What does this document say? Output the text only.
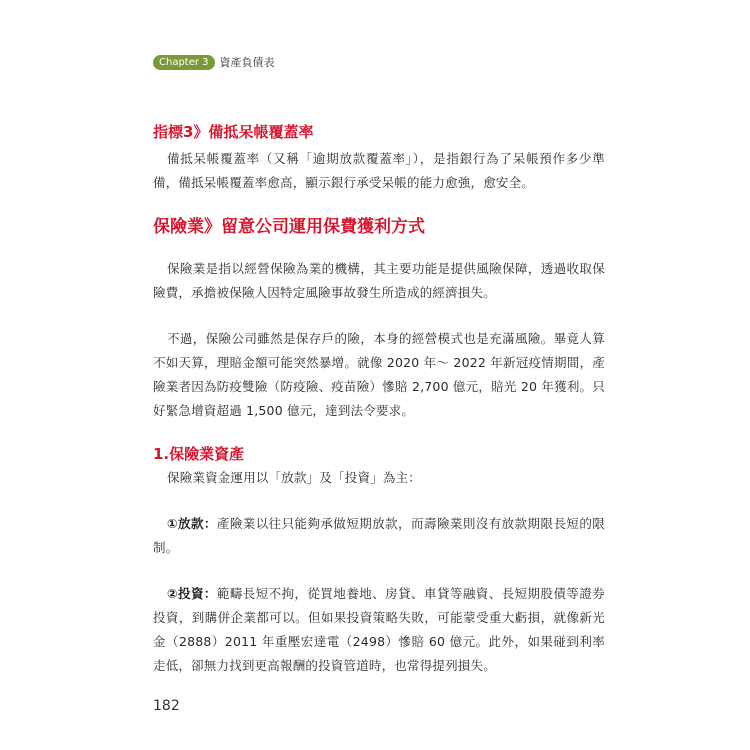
Chapter 3	資產負債表
指標3》備抵呆帳覆蓋率

備抵呆帳覆蓋率（又稱「逾期放款覆蓋率」），是指銀行為了呆帳預作多少準備，備抵呆帳覆蓋率愈高，顯示銀行承受呆帳的能力愈強，愈安全。

保險業》留意公司運用保費獲利方式

保險業是指以經營保險為業的機構，其主要功能是提供風險保障，透過收取保險費，承擔被保險人因特定風險事故發生所造成的經濟損失。

不過，保險公司雖然是保存戶的險，本身的經營模式也是充滿風險。畢竟人算不如天算，理賠金額可能突然暴增。就像 2020 年～ 2022 年新冠疫情期間，產險業者因為防疫雙險（防疫險、疫苗險）慘賠 2,700 億元，賠光 20 年獲利。只好緊急增資超過 1,500 億元，達到法令要求。

1.保險業資產

保險業資金運用以「放款」及「投資」為主：

①放款：產險業以往只能夠承做短期放款，而壽險業則沒有放款期限長短的限制。

②投資：範疇長短不拘，從買地養地、房貸、車貸等融資、長短期股債等證券投資，到購併企業都可以。但如果投資策略失敗，可能蒙受重大虧損，就像新光金（2888）2011 年重壓宏達電（2498）慘賠 60 億元。此外，如果碰到利率走低，卻無力找到更高報酬的投資管道時，也常得提列損失。

182
